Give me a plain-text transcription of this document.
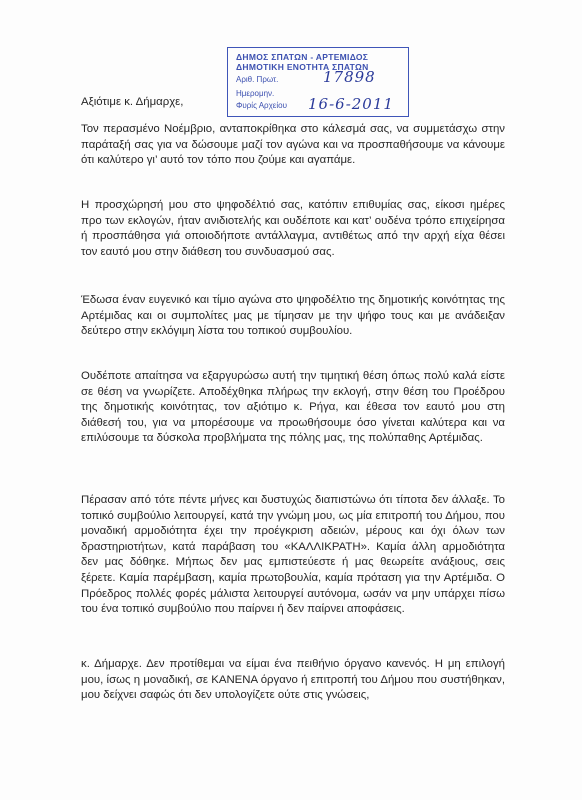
ΔΗΜΟΣ ΣΠΑΤΩΝ - ΑΡΤΕΜΙΔΟΣ
ΔΗΜΟΤΙΚΗ ΕΝΟΤΗΤΑ ΣΠΑΤΩΝ
Αριθ. Πρωτ.	17898
Ημερομην.
Φυρίς Αρχείου 16-6-2011
Αξιότιμε κ. Δήμαρχε,
Τον περασμένο Νοέμβριο, ανταποκρίθηκα στο κάλεσμά σας, να συμμετάσχω στην παράταξή σας για να δώσουμε μαζί τον αγώνα και να προσπαθήσουμε να κάνουμε ότι καλύτερο γι’ αυτό τον τόπο που ζούμε και αγαπάμε.
Η προσχώρησή μου στο ψηφοδέλτιό σας, κατόπιν επιθυμίας σας, είκοσι ημέρες προ των εκλογών, ήταν ανιδιοτελής και ουδέποτε και κατ’ ουδένα τρόπο επιχείρησα ή προσπάθησα γιά οποιοδήποτε αντάλλαγμα, αντιθέτως από την αρχή είχα θέσει τον εαυτό μου στην διάθεση του συνδυασμού σας.
Έδωσα έναν ευγενικό και τίμιο αγώνα στο ψηφοδέλτιο της δημοτικής κοινότητας της Αρτέμιδας και οι συμπολίτες μας με τίμησαν με την ψήφο τους και με ανάδειξαν δεύτερο στην εκλόγιμη λίστα του τοπικού συμβουλίου.
Ουδέποτε απαίτησα να εξαργυρώσω αυτή την τιμητική θέση όπως πολύ καλά είστε σε θέση να γνωρίζετε. Αποδέχθηκα πλήρως την εκλογή, στην θέση του Προέδρου της δημοτικής κοινότητας, τον αξιότιμο κ. Ρήγα, και έθεσα τον εαυτό μου στη διάθεσή του, για να μπορέσουμε να προωθήσουμε όσο γίνεται καλύτερα και να επιλύσουμε τα δύσκολα προβλήματα της πόλης μας, της πολύπαθης Αρτέμιδας.
Πέρασαν από τότε πέντε μήνες και δυστυχώς διαπιστώνω ότι τίποτα δεν άλλαξε. Το τοπικό συμβούλιο λειτουργεί, κατά την γνώμη μου, ως μία επιτροπή του Δήμου, που μοναδική αρμοδιότητα έχει την προέγκριση αδειών, μέρους και όχι όλων των δραστηριοτήτων, κατά παράβαση του «ΚΑΛΛΙΚΡΑΤΗ». Καμία άλλη αρμοδιότητα δεν μας δόθηκε. Μήπως δεν μας εμπιστεύεστε ή μας θεωρείτε ανάξιους, σεις ξέρετε. Καμία παρέμβαση, καμία πρωτοβουλία, καμία πρόταση για την Αρτέμιδα. Ο Πρόεδρος πολλές φορές μάλιστα λειτουργεί αυτόνομα, ωσάν να μην υπάρχει πίσω του ένα τοπικό συμβούλιο που παίρνει ή δεν παίρνει αποφάσεις.
κ. Δήμαρχε. Δεν προτίθεμαι να είμαι ένα πειθήνιο όργανο κανενός. Η μη επιλογή μου, ίσως η μοναδική, σε ΚΑΝΕΝΑ όργανο ή επιτροπή του Δήμου που συστήθηκαν, μου δείχνει σαφώς ότι δεν υπολογίζετε ούτε στις γνώσεις,
